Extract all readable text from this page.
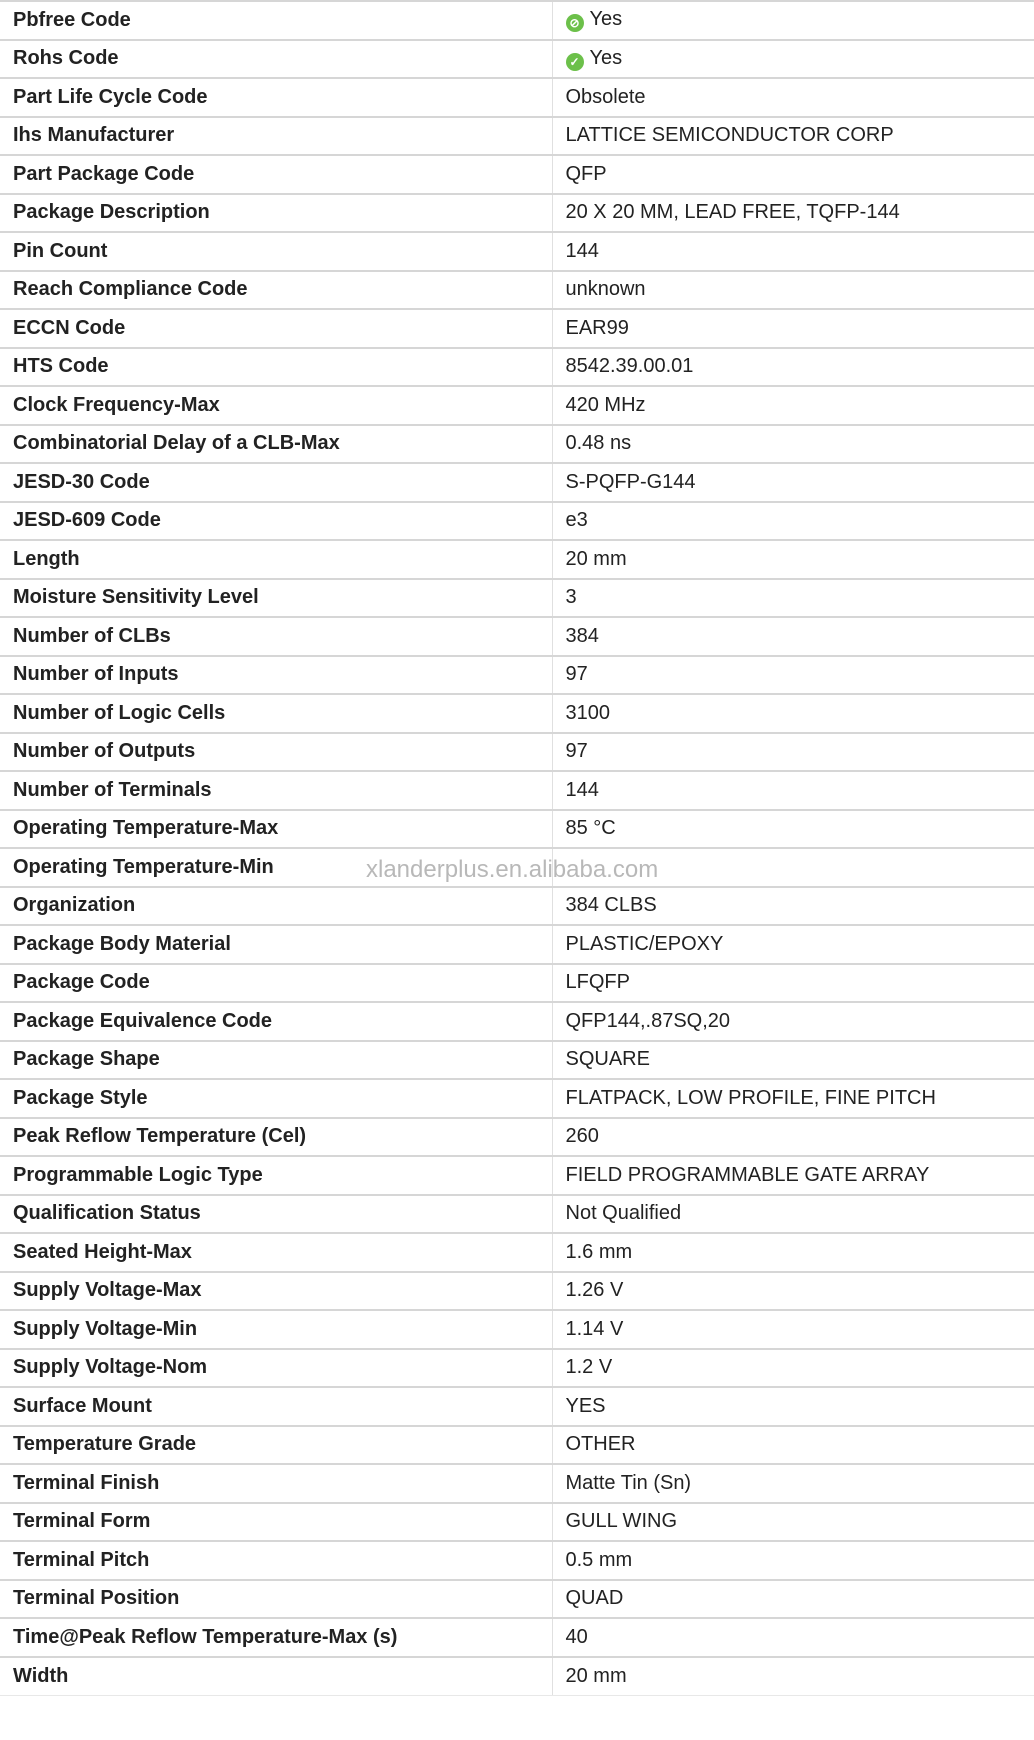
Pbfree Code	⊘ Yes
Rohs Code	✓ Yes
Part Life Cycle Code	Obsolete
Ihs Manufacturer	LATTICE SEMICONDUCTOR CORP
Part Package Code	QFP
Package Description	20 X 20 MM, LEAD FREE, TQFP-144
Pin Count	144
Reach Compliance Code	unknown
ECCN Code	EAR99
HTS Code	8542.39.00.01
Clock Frequency-Max	420 MHz
Combinatorial Delay of a CLB-Max	0.48 ns
JESD-30 Code	S-PQFP-G144
JESD-609 Code	e3
Length	20 mm
Moisture Sensitivity Level	3
Number of CLBs	384
Number of Inputs	97
Number of Logic Cells	3100
Number of Outputs	97
Number of Terminals	144
Operating Temperature-Max	85 °C
Operating Temperature-Min	
Organization	384 CLBS
Package Body Material	PLASTIC/EPOXY
Package Code	LFQFP
Package Equivalence Code	QFP144,.87SQ,20
Package Shape	SQUARE
Package Style	FLATPACK, LOW PROFILE, FINE PITCH
Peak Reflow Temperature (Cel)	260
Programmable Logic Type	FIELD PROGRAMMABLE GATE ARRAY
Qualification Status	Not Qualified
Seated Height-Max	1.6 mm
Supply Voltage-Max	1.26 V
Supply Voltage-Min	1.14 V
Supply Voltage-Nom	1.2 V
Surface Mount	YES
Temperature Grade	OTHER
Terminal Finish	Matte Tin (Sn)
Terminal Form	GULL WING
Terminal Pitch	0.5 mm
Terminal Position	QUAD
Time@Peak Reflow Temperature-Max (s)	40
Width	20 mm
xlanderplus.en.alibaba.com
